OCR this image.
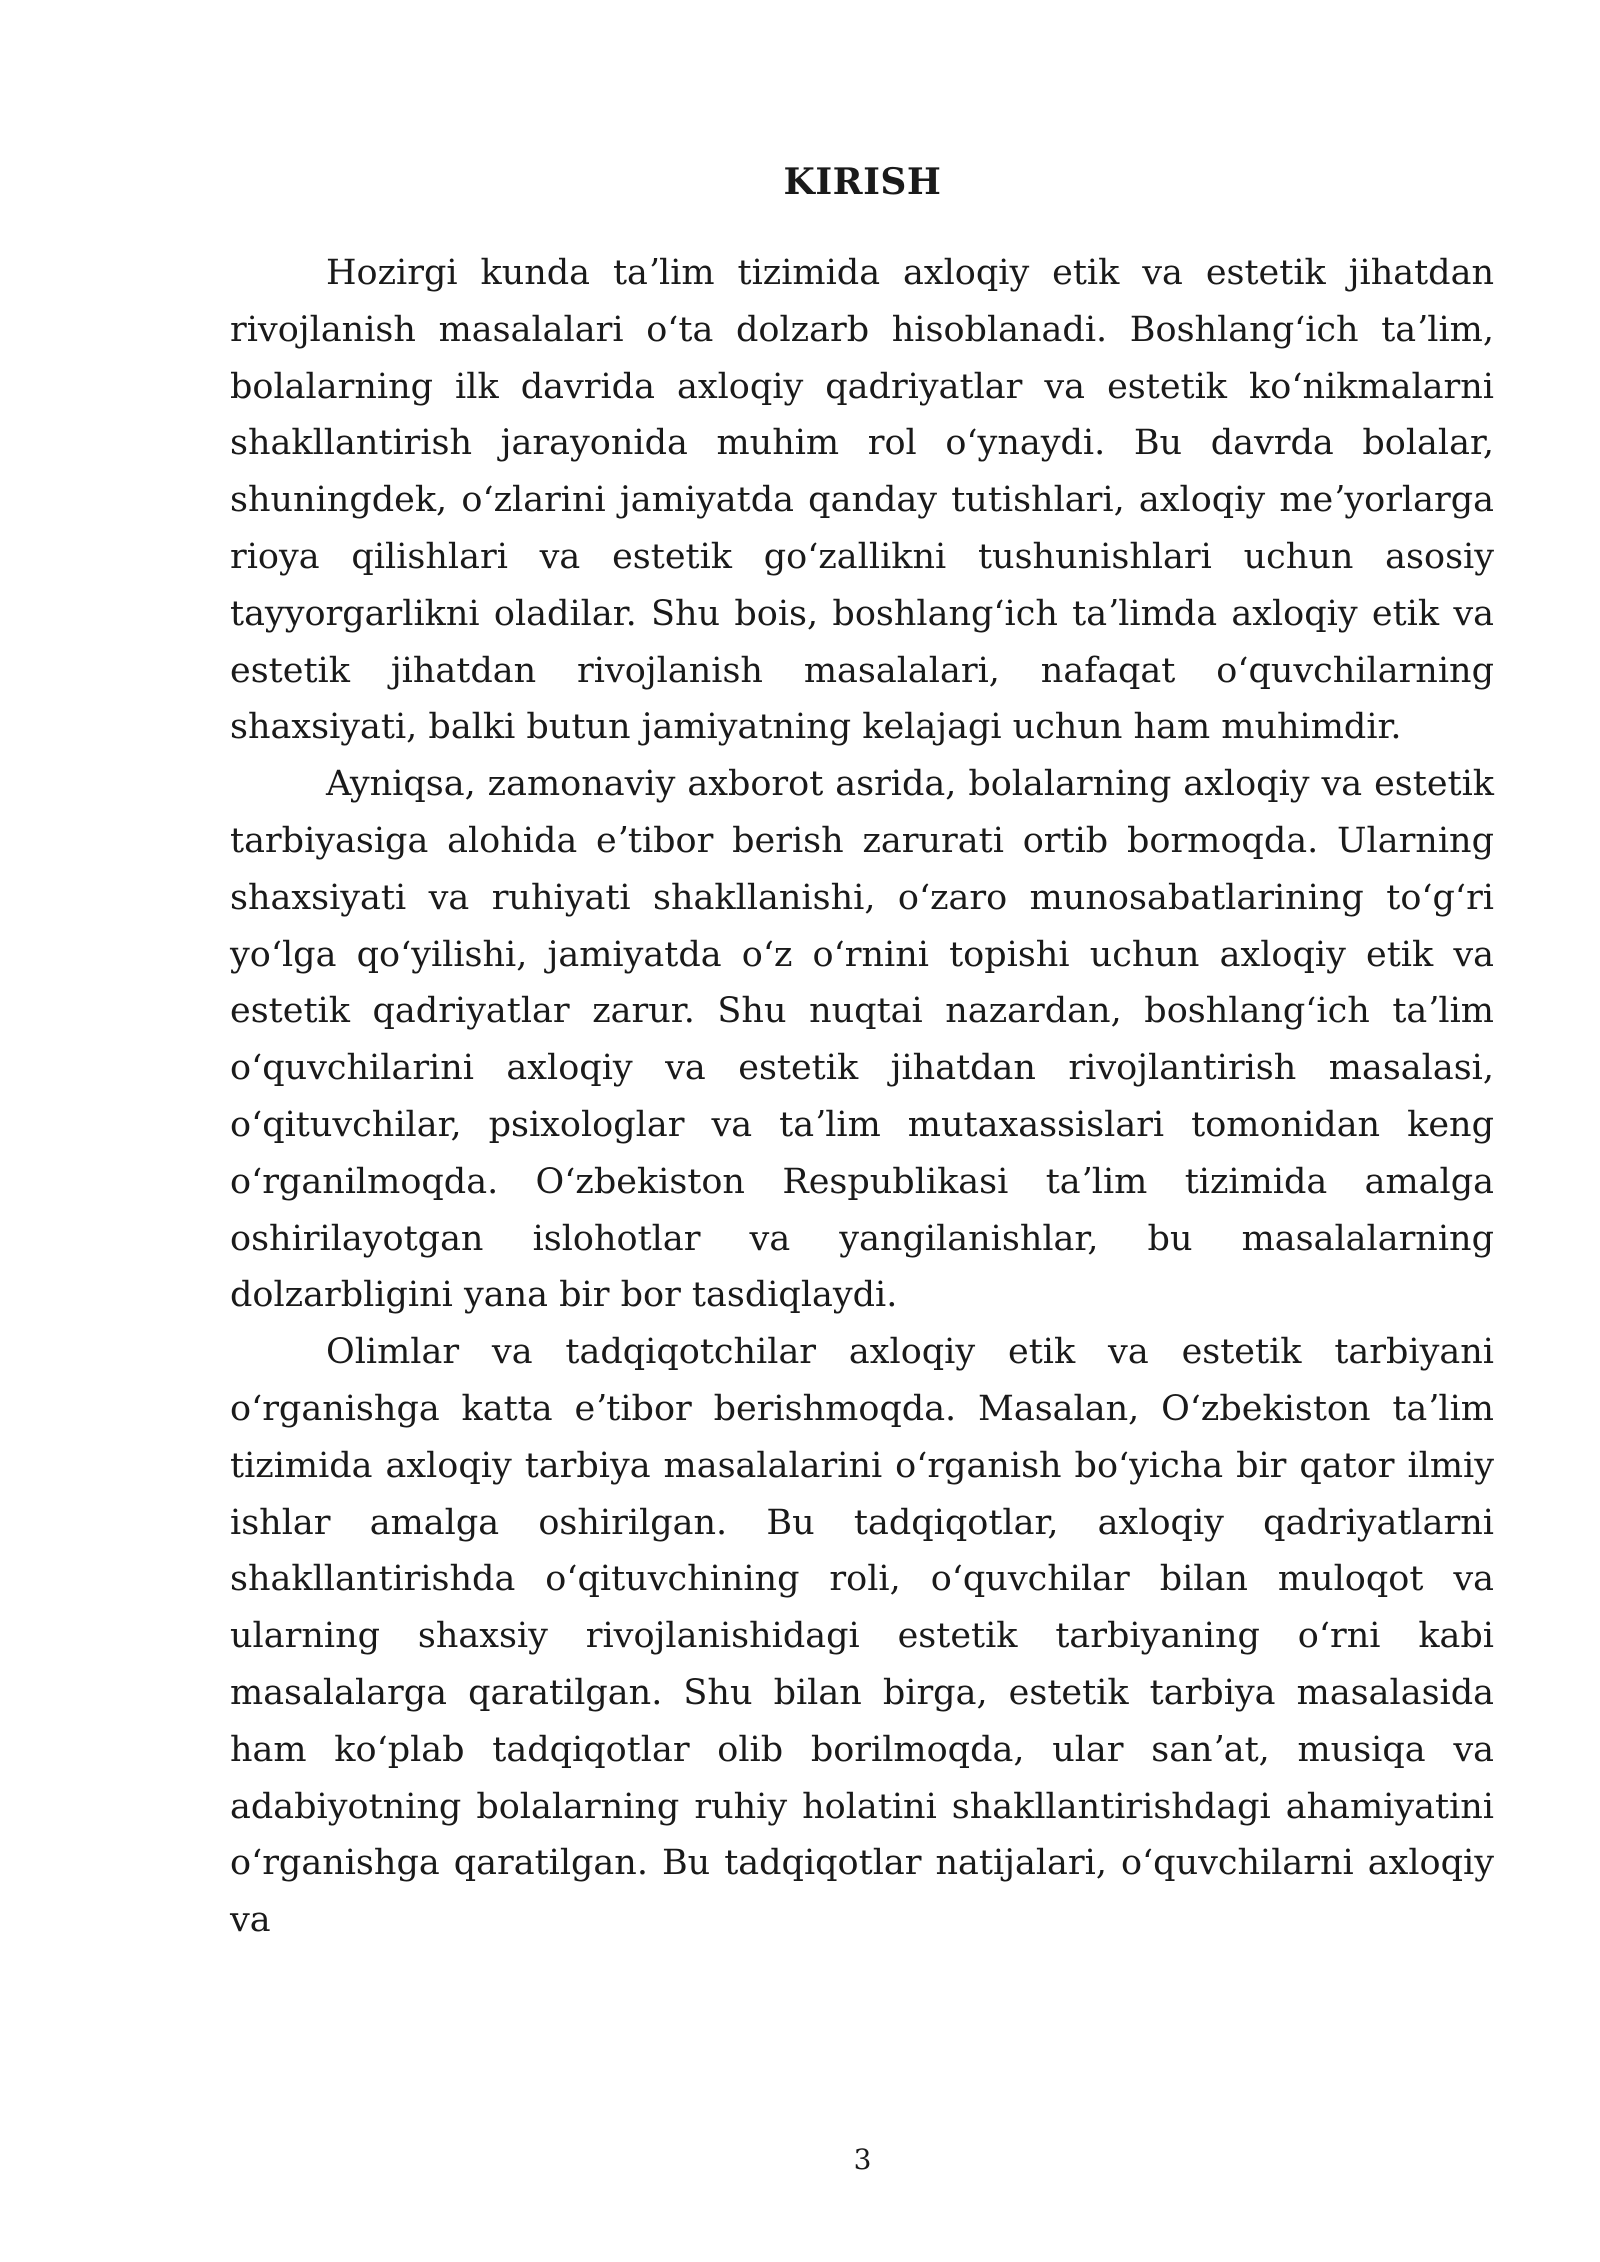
KIRISH

Hozirgi kunda taʼlim tizimida axloqiy etik va estetik jihatdan rivojlanish masalalari oʻta dolzarb hisoblanadi. Boshlangʻich taʼlim, bolalarning ilk davrida axloqiy qadriyatlar va estetik koʻnikmalarni shakllantirish jarayonida muhim rol oʻynaydi. Bu davrda bolalar, shuningdek, oʻzlarini jamiyatda qanday tutishlari, axloqiy meʼyorlarga rioya qilishlari va estetik goʻzallikni tushunishlari uchun asosiy tayyorgarlikni oladilar. Shu bois, boshlangʻich taʼlimda axloqiy etik va estetik jihatdan rivojlanish masalalari, nafaqat oʻquvchilarning shaxsiyati, balki butun jamiyatning kelajagi uchun ham muhimdir.

Ayniqsa, zamonaviy axborot asrida, bolalarning axloqiy va estetik tarbiyasiga alohida eʼtibor berish zarurati ortib bormoqda. Ularning shaxsiyati va ruhiyati shakllanishi, oʻzaro munosabatlarining toʻgʻri yoʻlga qoʻyilishi, jamiyatda oʻz oʻrnini topishi uchun axloqiy etik va estetik qadriyatlar zarur. Shu nuqtai nazardan, boshlangʻich taʼlim oʻquvchilarini axloqiy va estetik jihatdan rivojlantirish masalasi, oʻqituvchilar, psixologlar va taʼlim mutaxassislari tomonidan keng oʻrganilmoqda. Oʻzbekiston Respublikasi taʼlim tizimida amalga oshirilayotgan islohotlar va yangilanishlar, bu masalalarning dolzarbligini yana bir bor tasdiqlaydi.

Olimlar va tadqiqotchilar axloqiy etik va estetik tarbiyani oʻrganishga katta eʼtibor berishmoqda. Masalan, Oʻzbekiston taʼlim tizimida axloqiy tarbiya masalalarini oʻrganish boʻyicha bir qator ilmiy ishlar amalga oshirilgan. Bu tadqiqotlar, axloqiy qadriyatlarni shakllantirishda oʻqituvchining roli, oʻquvchilar bilan muloqot va ularning shaxsiy rivojlanishidagi estetik tarbiyaning oʻrni kabi masalalarga qaratilgan. Shu bilan birga, estetik tarbiya masalasida ham koʻplab tadqiqotlar olib borilmoqda, ular sanʼat, musiqa va adabiyotning bolalarning ruhiy holatini shakllantirishdagi ahamiyatini oʻrganishga qaratilgan. Bu tadqiqotlar natijalari, oʻquvchilarni axloqiy va

3
